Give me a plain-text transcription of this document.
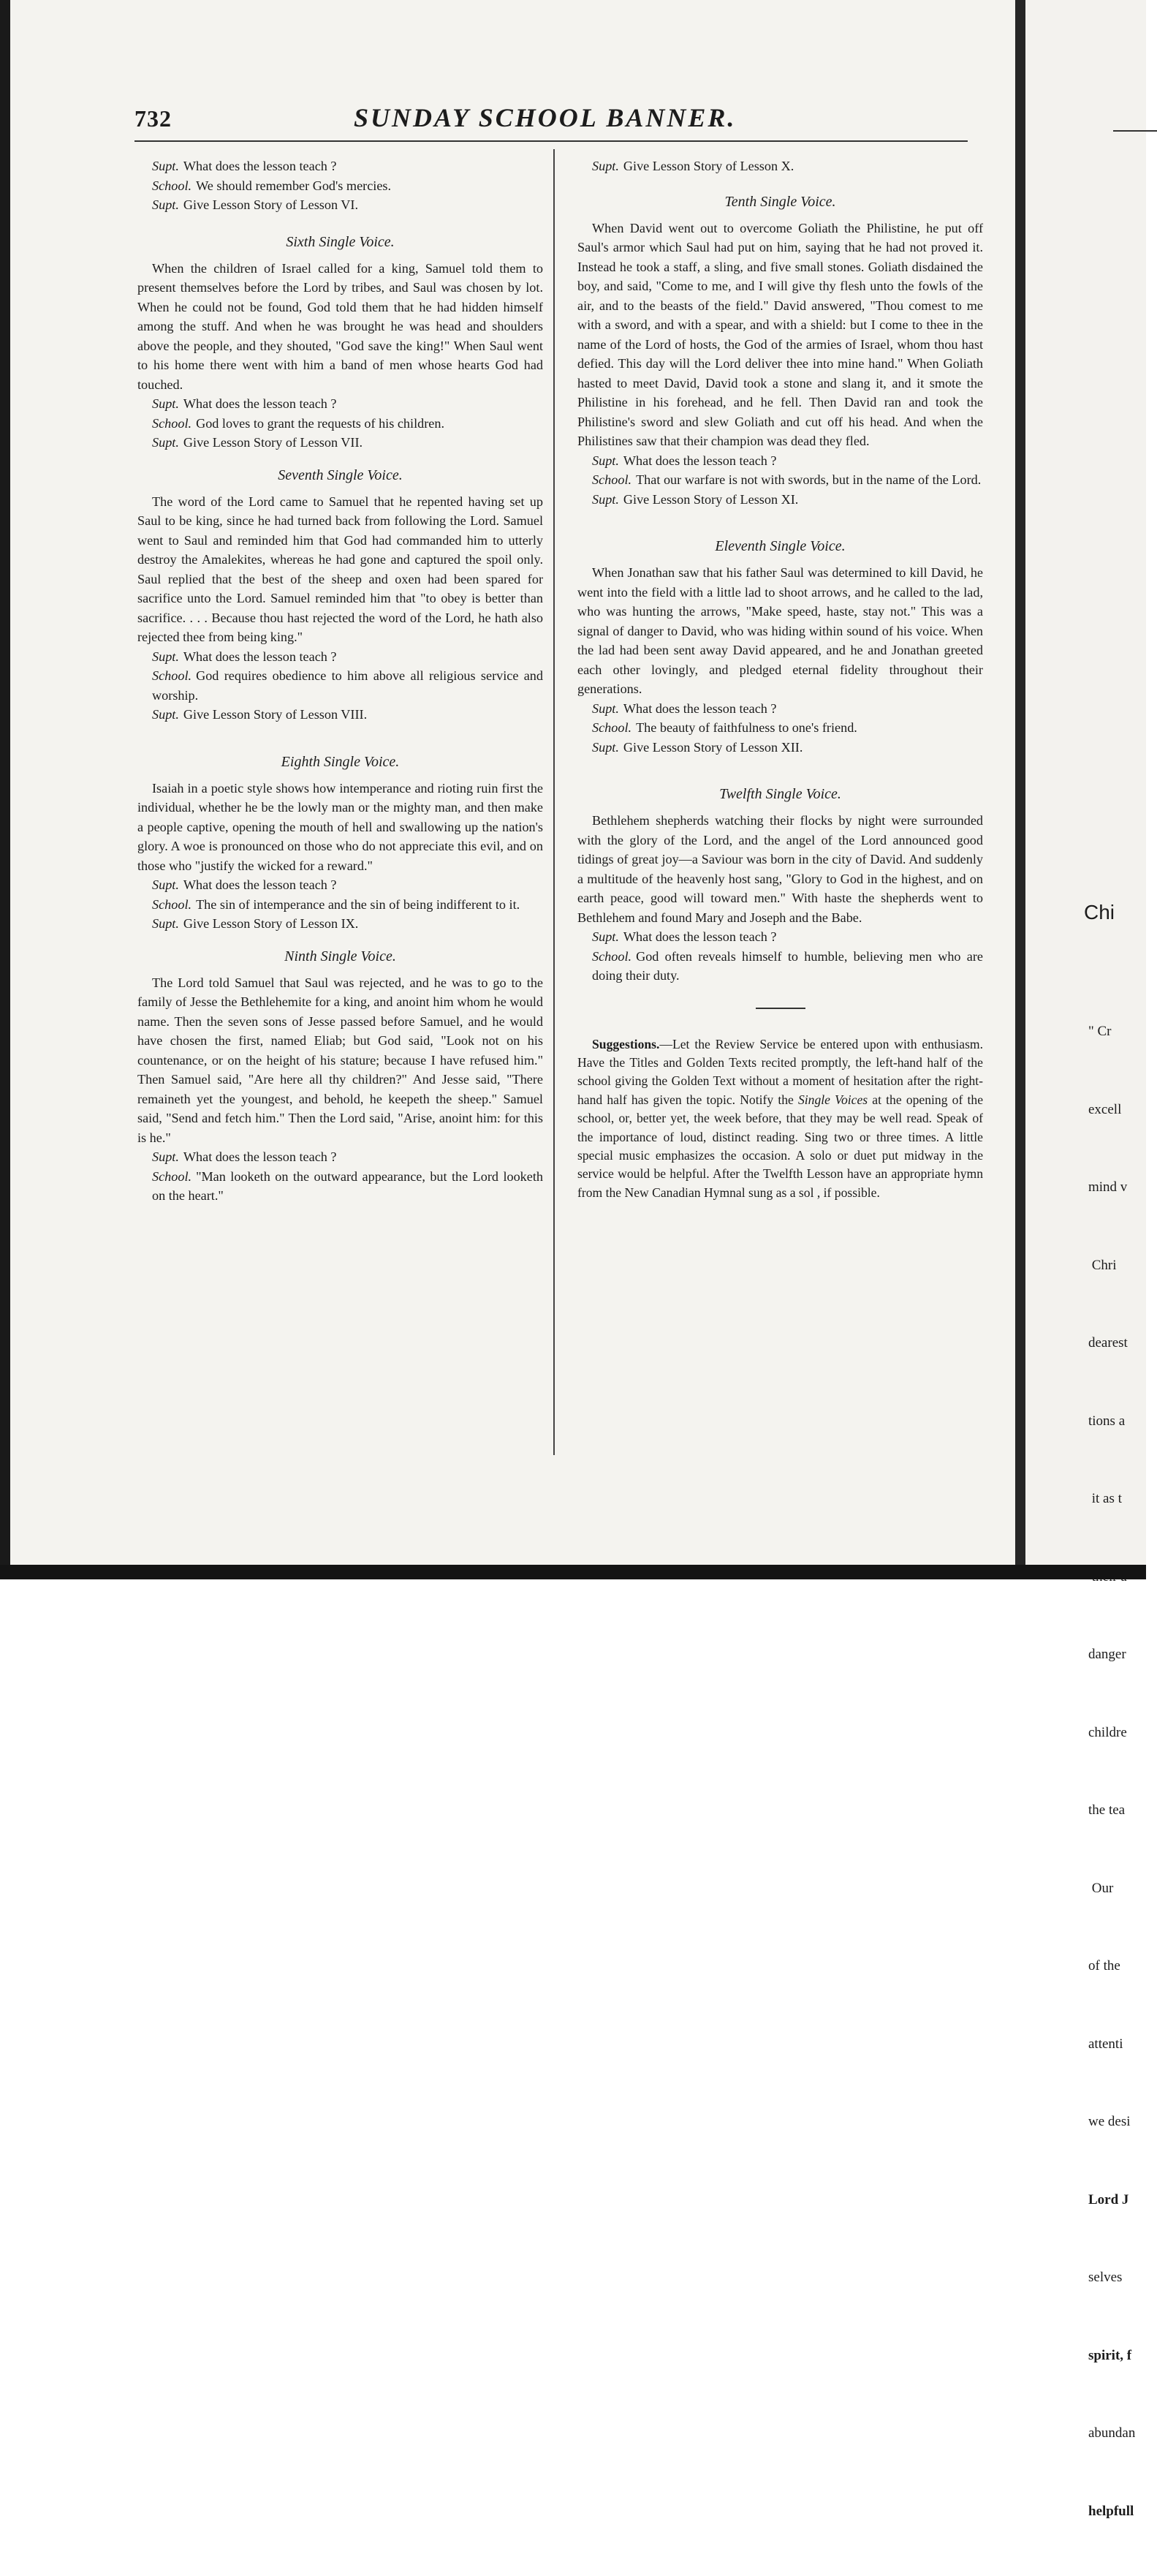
732	SUNDAY SCHOOL BANNER.

Supt. What does the lesson teach ?

School. We should remember God's mercies.

Supt. Give Lesson Story of Lesson VI.

Sixth Single Voice.

When the children of Israel called for a king, Samuel told them to present themselves before the Lord by tribes, and Saul was chosen by lot. When he could not be found, God told them that he had hidden himself among the stuff. And when he was brought he was head and shoulders above the people, and they shouted, "God save the king!" When Saul went to his home there went with him a band of men whose hearts God had touched.

Supt. What does the lesson teach ?

School. God loves to grant the requests of his children.

Supt. Give Lesson Story of Lesson VII.

Seventh Single Voice.

The word of the Lord came to Samuel that he repented having set up Saul to be king, since he had turned back from following the Lord. Samuel went to Saul and reminded him that God had commanded him to utterly destroy the Amalekites, whereas he had gone and captured the spoil only. Saul replied that the best of the sheep and oxen had been spared for sacrifice unto the Lord. Samuel reminded him that "to obey is better than sacrifice. . . . Because thou hast rejected the word of the Lord, he hath also rejected thee from being king."

Supt. What does the lesson teach ?

School. God requires obedience to him above all religious service and worship.

Supt. Give Lesson Story of Lesson VIII.

Eighth Single Voice.

Isaiah in a poetic style shows how intemperance and rioting ruin first the individual, whether he be the lowly man or the mighty man, and then make a people captive, opening the mouth of hell and swallowing up the nation's glory. A woe is pronounced on those who do not appreciate this evil, and on those who "justify the wicked for a reward."

Supt. What does the lesson teach ?

School. The sin of intemperance and the sin of being indifferent to it.

Supt. Give Lesson Story of Lesson IX.

Ninth Single Voice.

The Lord told Samuel that Saul was rejected, and he was to go to the family of Jesse the Bethlehemite for a king, and anoint him whom he would name. Then the seven sons of Jesse passed before Samuel, and he would have chosen the first, named Eliab; but God said, "Look not on his countenance, or on the height of his stature; because I have refused him." Then Samuel said, "Are here all thy children?" And Jesse said, "There remaineth yet the youngest, and behold, he keepeth the sheep." Samuel said, "Send and fetch him." Then the Lord said, "Arise, anoint him: for this is he."

Supt. What does the lesson teach ?

School. "Man looketh on the outward appearance, but the Lord looketh on the heart."

Supt. Give Lesson Story of Lesson X.

Tenth Single Voice.

When David went out to overcome Goliath the Philistine, he put off Saul's armor which Saul had put on him, saying that he had not proved it. Instead he took a staff, a sling, and five small stones. Goliath disdained the boy, and said, "Come to me, and I will give thy flesh unto the fowls of the air, and to the beasts of the field." David answered, "Thou comest to me with a sword, and with a spear, and with a shield: but I come to thee in the name of the Lord of hosts, the God of the armies of Israel, whom thou hast defied. This day will the Lord deliver thee into mine hand." When Goliath hasted to meet David, David took a stone and slang it, and it smote the Philistine in his forehead, and he fell. Then David ran and took the Philistine's sword and slew Goliath and cut off his head. And when the Philistines saw that their champion was dead they fled.

Supt. What does the lesson teach ?

School. That our warfare is not with swords, but in the name of the Lord.

Supt. Give Lesson Story of Lesson XI.

Eleventh Single Voice.

When Jonathan saw that his father Saul was determined to kill David, he went into the field with a little lad to shoot arrows, and he called to the lad, who was hunting the arrows, "Make speed, haste, stay not." This was a signal of danger to David, who was hiding within sound of his voice. When the lad had been sent away David appeared, and he and Jonathan greeted each other lovingly, and pledged eternal fidelity throughout their generations.

Supt. What does the lesson teach ?

School. The beauty of faithfulness to one's friend.

Supt. Give Lesson Story of Lesson XII.

Twelfth Single Voice.

Bethlehem shepherds watching their flocks by night were surrounded with the glory of the Lord, and the angel of the Lord announced good tidings of great joy—a Saviour was born in the city of David. And suddenly a multitude of the heavenly host sang, "Glory to God in the highest, and on earth peace, good will toward men." With haste the shepherds went to Bethlehem and found Mary and Joseph and the Babe.

Supt. What does the lesson teach ?

School. God often reveals himself to humble, believing men who are doing their duty.

Suggestions.—Let the Review Service be entered upon with enthusiasm. Have the Titles and Golden Texts recited promptly, the left-hand half of the school giving the Golden Text without a moment of hesitation after the right-hand half has given the topic. Notify the Single Voices at the opening of the school, or, better yet, the week before, that they may be well read. Speak of the importance of loud, distinct reading. Sing two or three times. A little special music emphasizes the occasion. A solo or duet put midway in the service would be helpful. After the Twelfth Lesson have an appropriate hymn from the New Canadian Hymnal sung as a sol , if possible.

Chi

" Cr

excell

mind v

Chri

dearest

tions a

it as t

danger

childre

the tea

Our

of the

attenti

we desi

Lord J

selves

spirit, f

abundan

helpfull
